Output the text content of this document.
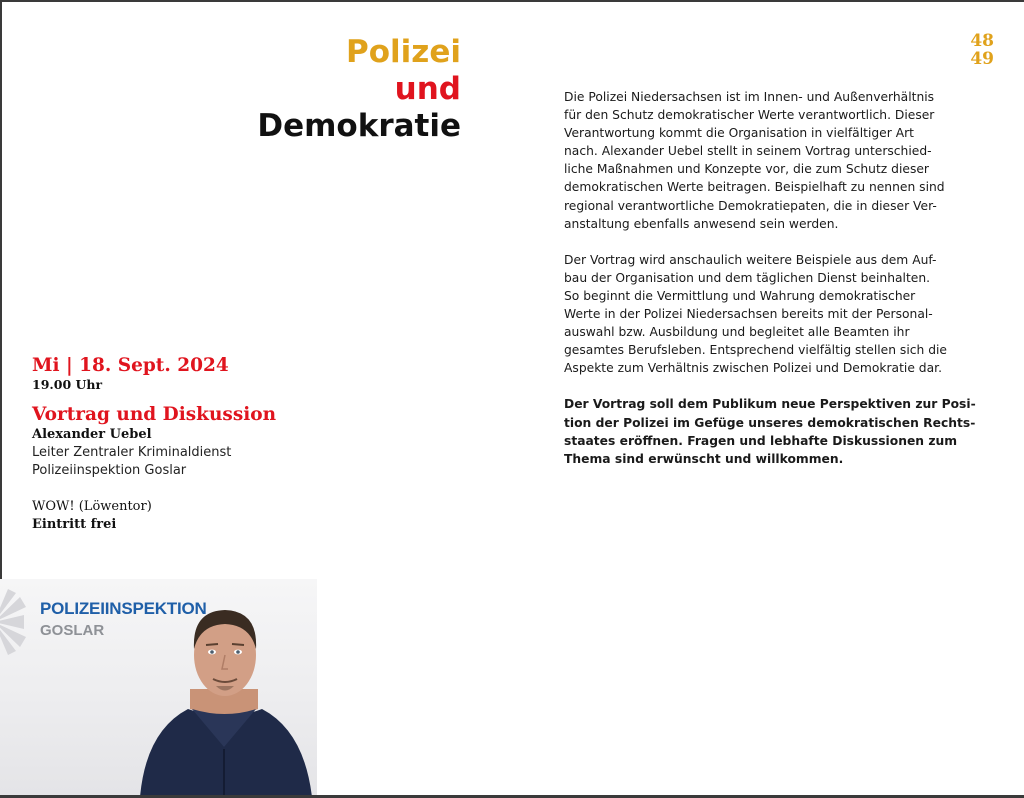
Polizei
und
Demokratie
48
49
Mi | 18. Sept. 2024
19.00 Uhr
Vortrag und Diskussion
Alexander Uebel
Leiter Zentraler Kriminaldienst
Polizeiinspektion Goslar
WOW! (Löwentor)
Eintritt frei
Die Polizei Niedersachsen ist im Innen- und Außenverhältnis
für den Schutz demokratischer Werte verantwortlich. Dieser
Verantwortung kommt die Organisation in vielfältiger Art
nach. Alexander Uebel stellt in seinem Vortrag unterschied-
liche Maßnahmen und Konzepte vor, die zum Schutz dieser
demokratischen Werte beitragen. Beispielhaft zu nennen sind
regional verantwortliche Demokratiepaten, die in dieser Ver-
anstaltung ebenfalls anwesend sein werden.
Der Vortrag wird anschaulich weitere Beispiele aus dem Auf-
bau der Organisation und dem täglichen Dienst beinhalten.
So beginnt die Vermittlung und Wahrung demokratischer
Werte in der Polizei Niedersachsen bereits mit der Personal-
auswahl bzw. Ausbildung und begleitet alle Beamten ihr
gesamtes Berufsleben. Entsprechend vielfältig stellen sich die
Aspekte zum Verhältnis zwischen Polizei und Demokratie dar.
Der Vortrag soll dem Publikum neue Perspektiven zur Posi-
tion der Polizei im Gefüge unseres demokratischen Rechts-
staates eröffnen. Fragen und lebhafte Diskussionen zum
Thema sind erwünscht und willkommen.
POLIZEIINSPEKTION
GOSLAR
